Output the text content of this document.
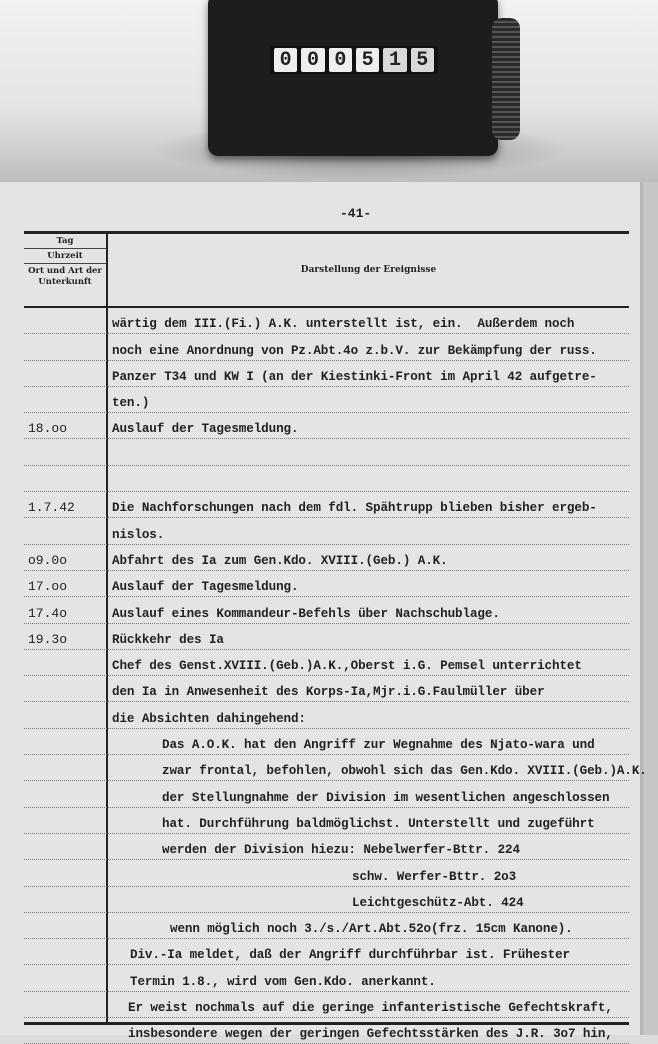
0 0 0 5 1 5
-41-
Tag
Uhrzeit
Ort und Art der Unterkunft
Darstellung der Ereignisse
wärtig dem III.(Fi.) A.K. unterstellt ist, ein.  Außerdem noch
noch eine Anordnung von Pz.Abt.4o z.b.V. zur Bekämpfung der russ.
Panzer T34 und KW I (an der Kiestinki-Front im April 42 aufgetre-
ten.)
18.oo	Auslauf der Tagesmeldung.
1.7.42	Die Nachforschungen nach dem fdl. Spähtrupp blieben bisher ergeb-
nislos.
o9.0o	Abfahrt des Ia zum Gen.Kdo. XVIII.(Geb.) A.K.
17.oo	Auslauf der Tagesmeldung.
17.4o	Auslauf eines Kommandeur-Befehls über Nachschublage.
19.3o	Rückkehr des Ia
Chef des Genst.XVIII.(Geb.)A.K.,Oberst i.G. Pemsel unterrichtet
den Ia in Anwesenheit des Korps-Ia,Mjr.i.G.Faulmüller über
die Absichten dahingehend:
Das A.O.K. hat den Angriff zur Wegnahme des Njato-wara und
zwar frontal, befohlen, obwohl sich das Gen.Kdo. XVIII.(Geb.)A.K.
der Stellungnahme der Division im wesentlichen angeschlossen
hat. Durchführung baldmöglichst. Unterstellt und zugeführt
werden der Division hiezu: Nebelwerfer-Bttr. 224
schw. Werfer-Bttr. 2o3
Leichtgeschütz-Abt. 424
wenn möglich noch 3./s./Art.Abt.52o(frz. 15cm Kanone).
Div.-Ia meldet, daß der Angriff durchführbar ist. Frühester
Termin 1.8., wird vom Gen.Kdo. anerkannt.
Er weist nochmals auf die geringe infanteristische Gefechtskraft,
insbesondere wegen der geringen Gefechtsstärken des J.R. 3o7 hin,
